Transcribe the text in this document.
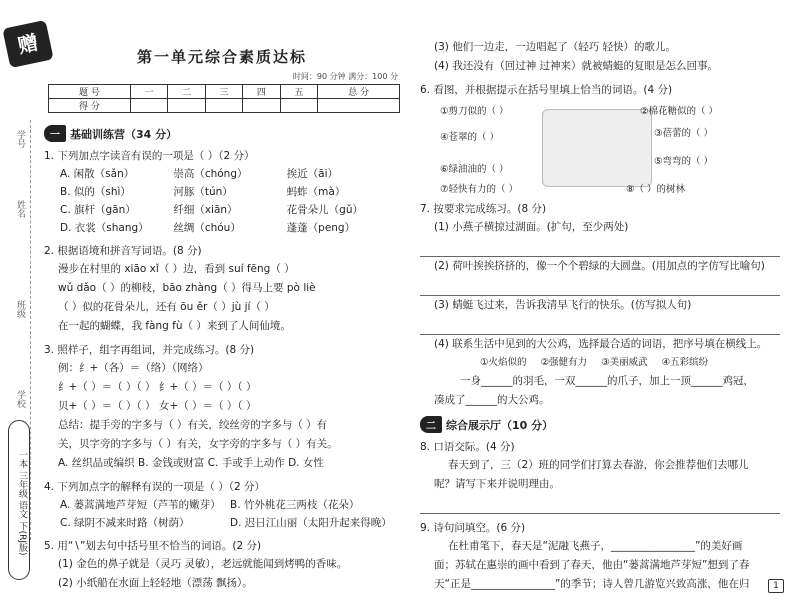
赠
学号
姓名
班级
学校
一本 三年级 语文 下(RJ版)
第一单元综合素质达标
时间：90 分钟 满分：100 分
题 号	一	二	三	四	五	总 分
得 分						
一 基础训练营（34 分）
1. 下列加点字读音有误的一项是（ ）（2 分）
A. 闲散（sǎn）	崇高（chóng）	挨近（āi）
B. 似的（shì）	河豚（tún）	蚂蚱（mà）
C. 旗杆（gān）	纤细（xiān）	花骨朵儿（gǔ）
D. 衣裳（shang）	丝绸（chóu）	蓬蓬（peng）
2. 根据语境和拼音写词语。(8 分)
漫步在村里的 xiāo xǐ（ ）边，看到 suí fēng（ ）
wǔ dǎo（ ）的柳枝，bāo zhàng（ ）得马上要 pò liè
（ ）似的花骨朵儿，还有 ōu ěr（ ）jù jí（ ）
在一起的蝴蝶，我 fàng fù（ ）来到了人间仙境。
3. 照样子，组字再组词，并完成练习。(8 分)
例：纟+（各）＝（络）（网络）
纟+（ ）＝（ ）（ ） 纟+（ ）＝（ ）（ ）
贝+（ ）＝（ ）（ ） 女+（ ）＝（ ）（ ）
总结：提手旁的字多与（ ）有关，绞丝旁的字多与（ ）有
关，贝字旁的字多与（ ）有关，女字旁的字多与（ ）有关。
A. 丝织品或编织 B. 金钱或财富 C. 手或手上动作 D. 女性
4. 下列加点字的解释有误的一项是（ ）（2 分）
A. 蒌蒿满地芦芽短（芦苇的嫩芽） B. 竹外桃花三两枝（花朵）
C. 绿阴不减来时路（树荫）	D. 迟日江山丽（太阳升起来得晚）
5. 用“∖”划去句中括号里不恰当的词语。(2 分)
(1) 金色的鼻子就是（灵巧 灵敏），老远就能闻到烤鸭的香味。
(2) 小纸船在水面上轻轻地（漂荡 飘扬）。
(3) 他们一边走，一边唱起了（轻巧 轻快）的歌儿。
(4) 我还没有（回过神 过神来）就被蜻蜓的复眼是怎么回事。
6. 看图，并根据提示在括号里填上恰当的词语。(4 分)
①剪刀似的（ ）	②棉花糖似的（ ）
④苍翠的（ ）	③蓓蕾的（ ）
⑥绿油油的（ ）
⑤弯弯的（ ）
⑦轻快有力的（ ）	⑧（ ）的树林
7. 按要求完成练习。(8 分)
(1) 小燕子横掠过湖面。(扩句，至少两处)
(2) 荷叶挨挨挤挤的，像一个个碧绿的大圆盘。(用加点的字仿写比喻句)
(3) 蜻蜓飞过来，告诉我清早飞行的快乐。(仿写拟人句)
(4) 联系生活中见到的大公鸡，选择最合适的词语，把序号填在横线上。
①火焰似的 ②强健有力 ③美丽威武 ④五彩缤纷
一身______的羽毛，一双______的爪子，加上一顶______鸡冠，
凑成了______的大公鸡。
二 综合展示厅（10 分）
8. 口语交际。(4 分)
春天到了，三（2）班的同学们打算去春游，你会推荐他们去哪儿
呢？请写下来并说明理由。
9. 诗句问填空。(6 分)
在杜甫笔下，春天是“泥融飞燕子，________________”的美好画
面；苏轼在惠崇的画中看到了春天，他由“蒌蒿满地芦芽短”想到了春
天“正是________________”的季节；诗人曾几游览兴致高涨，他在归	1
